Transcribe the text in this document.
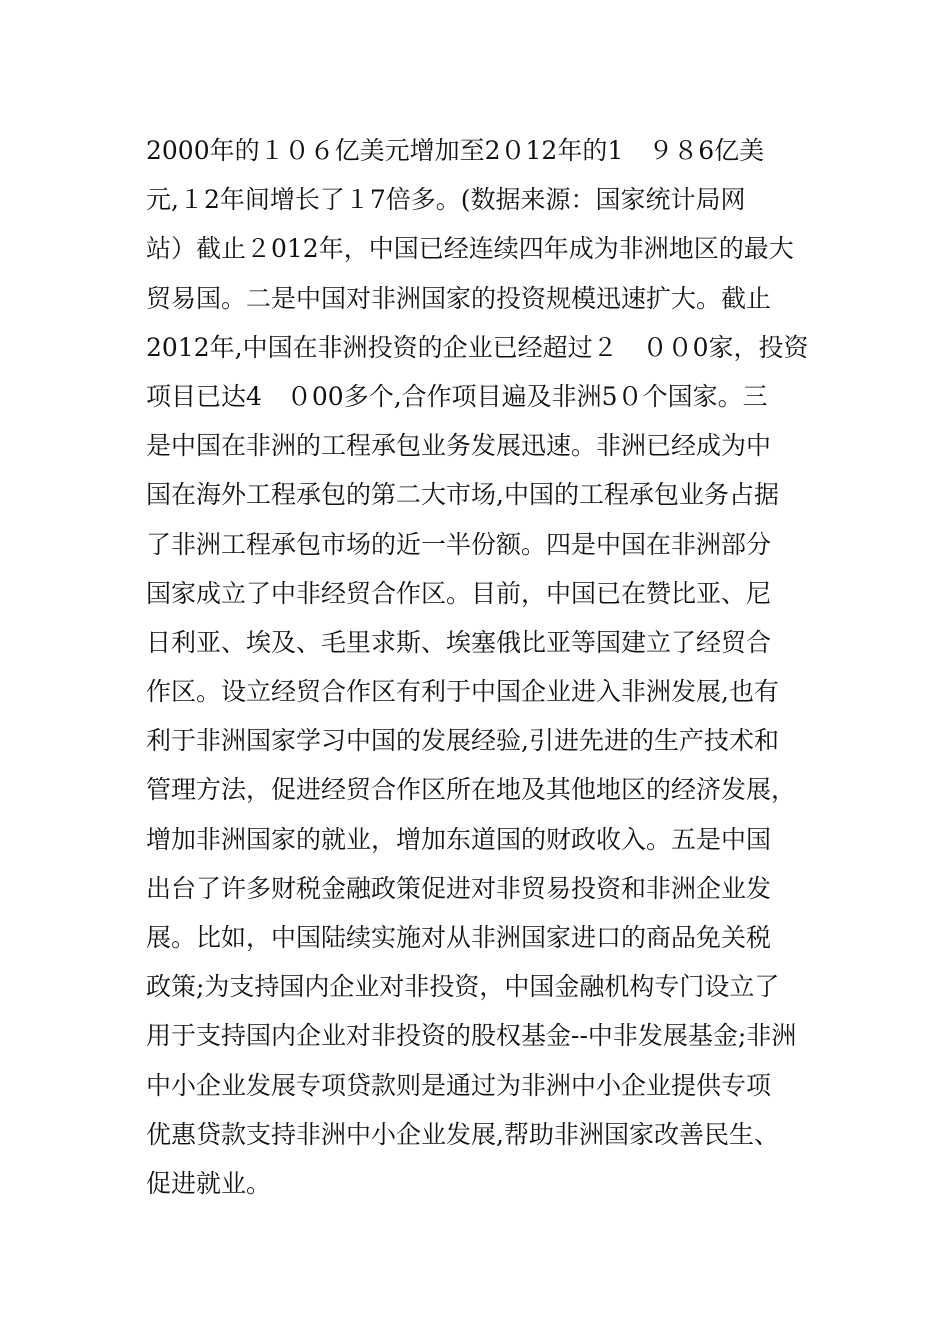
2000年的１０６亿美元增加至2０12年的1　９８6亿美
元,１2年间增长了１7倍多。(数据来源：国家统计局网
站）截止２012年，中国已经连续四年成为非洲地区的最大
贸易国。二是中国对非洲国家的投资规模迅速扩大。截止
2012年,中国在非洲投资的企业已经超过２　００0家，投资
项目已达4　０00多个,合作项目遍及非洲5０个国家。三
是中国在非洲的工程承包业务发展迅速。非洲已经成为中
国在海外工程承包的第二大市场,中国的工程承包业务占据
了非洲工程承包市场的近一半份额。四是中国在非洲部分
国家成立了中非经贸合作区。目前，中国已在赞比亚、尼
日利亚、埃及、毛里求斯、埃塞俄比亚等国建立了经贸合
作区。设立经贸合作区有利于中国企业进入非洲发展,也有
利于非洲国家学习中国的发展经验,引进先进的生产技术和
管理方法，促进经贸合作区所在地及其他地区的经济发展，
增加非洲国家的就业，增加东道国的财政收入。五是中国
出台了许多财税金融政策促进对非贸易投资和非洲企业发
展。比如，中国陆续实施对从非洲国家进口的商品免关税
政策;为支持国内企业对非投资，中国金融机构专门设立了
用于支持国内企业对非投资的股权基金--中非发展基金;非洲
中小企业发展专项贷款则是通过为非洲中小企业提供专项
优惠贷款支持非洲中小企业发展,帮助非洲国家改善民生、
促进就业。
